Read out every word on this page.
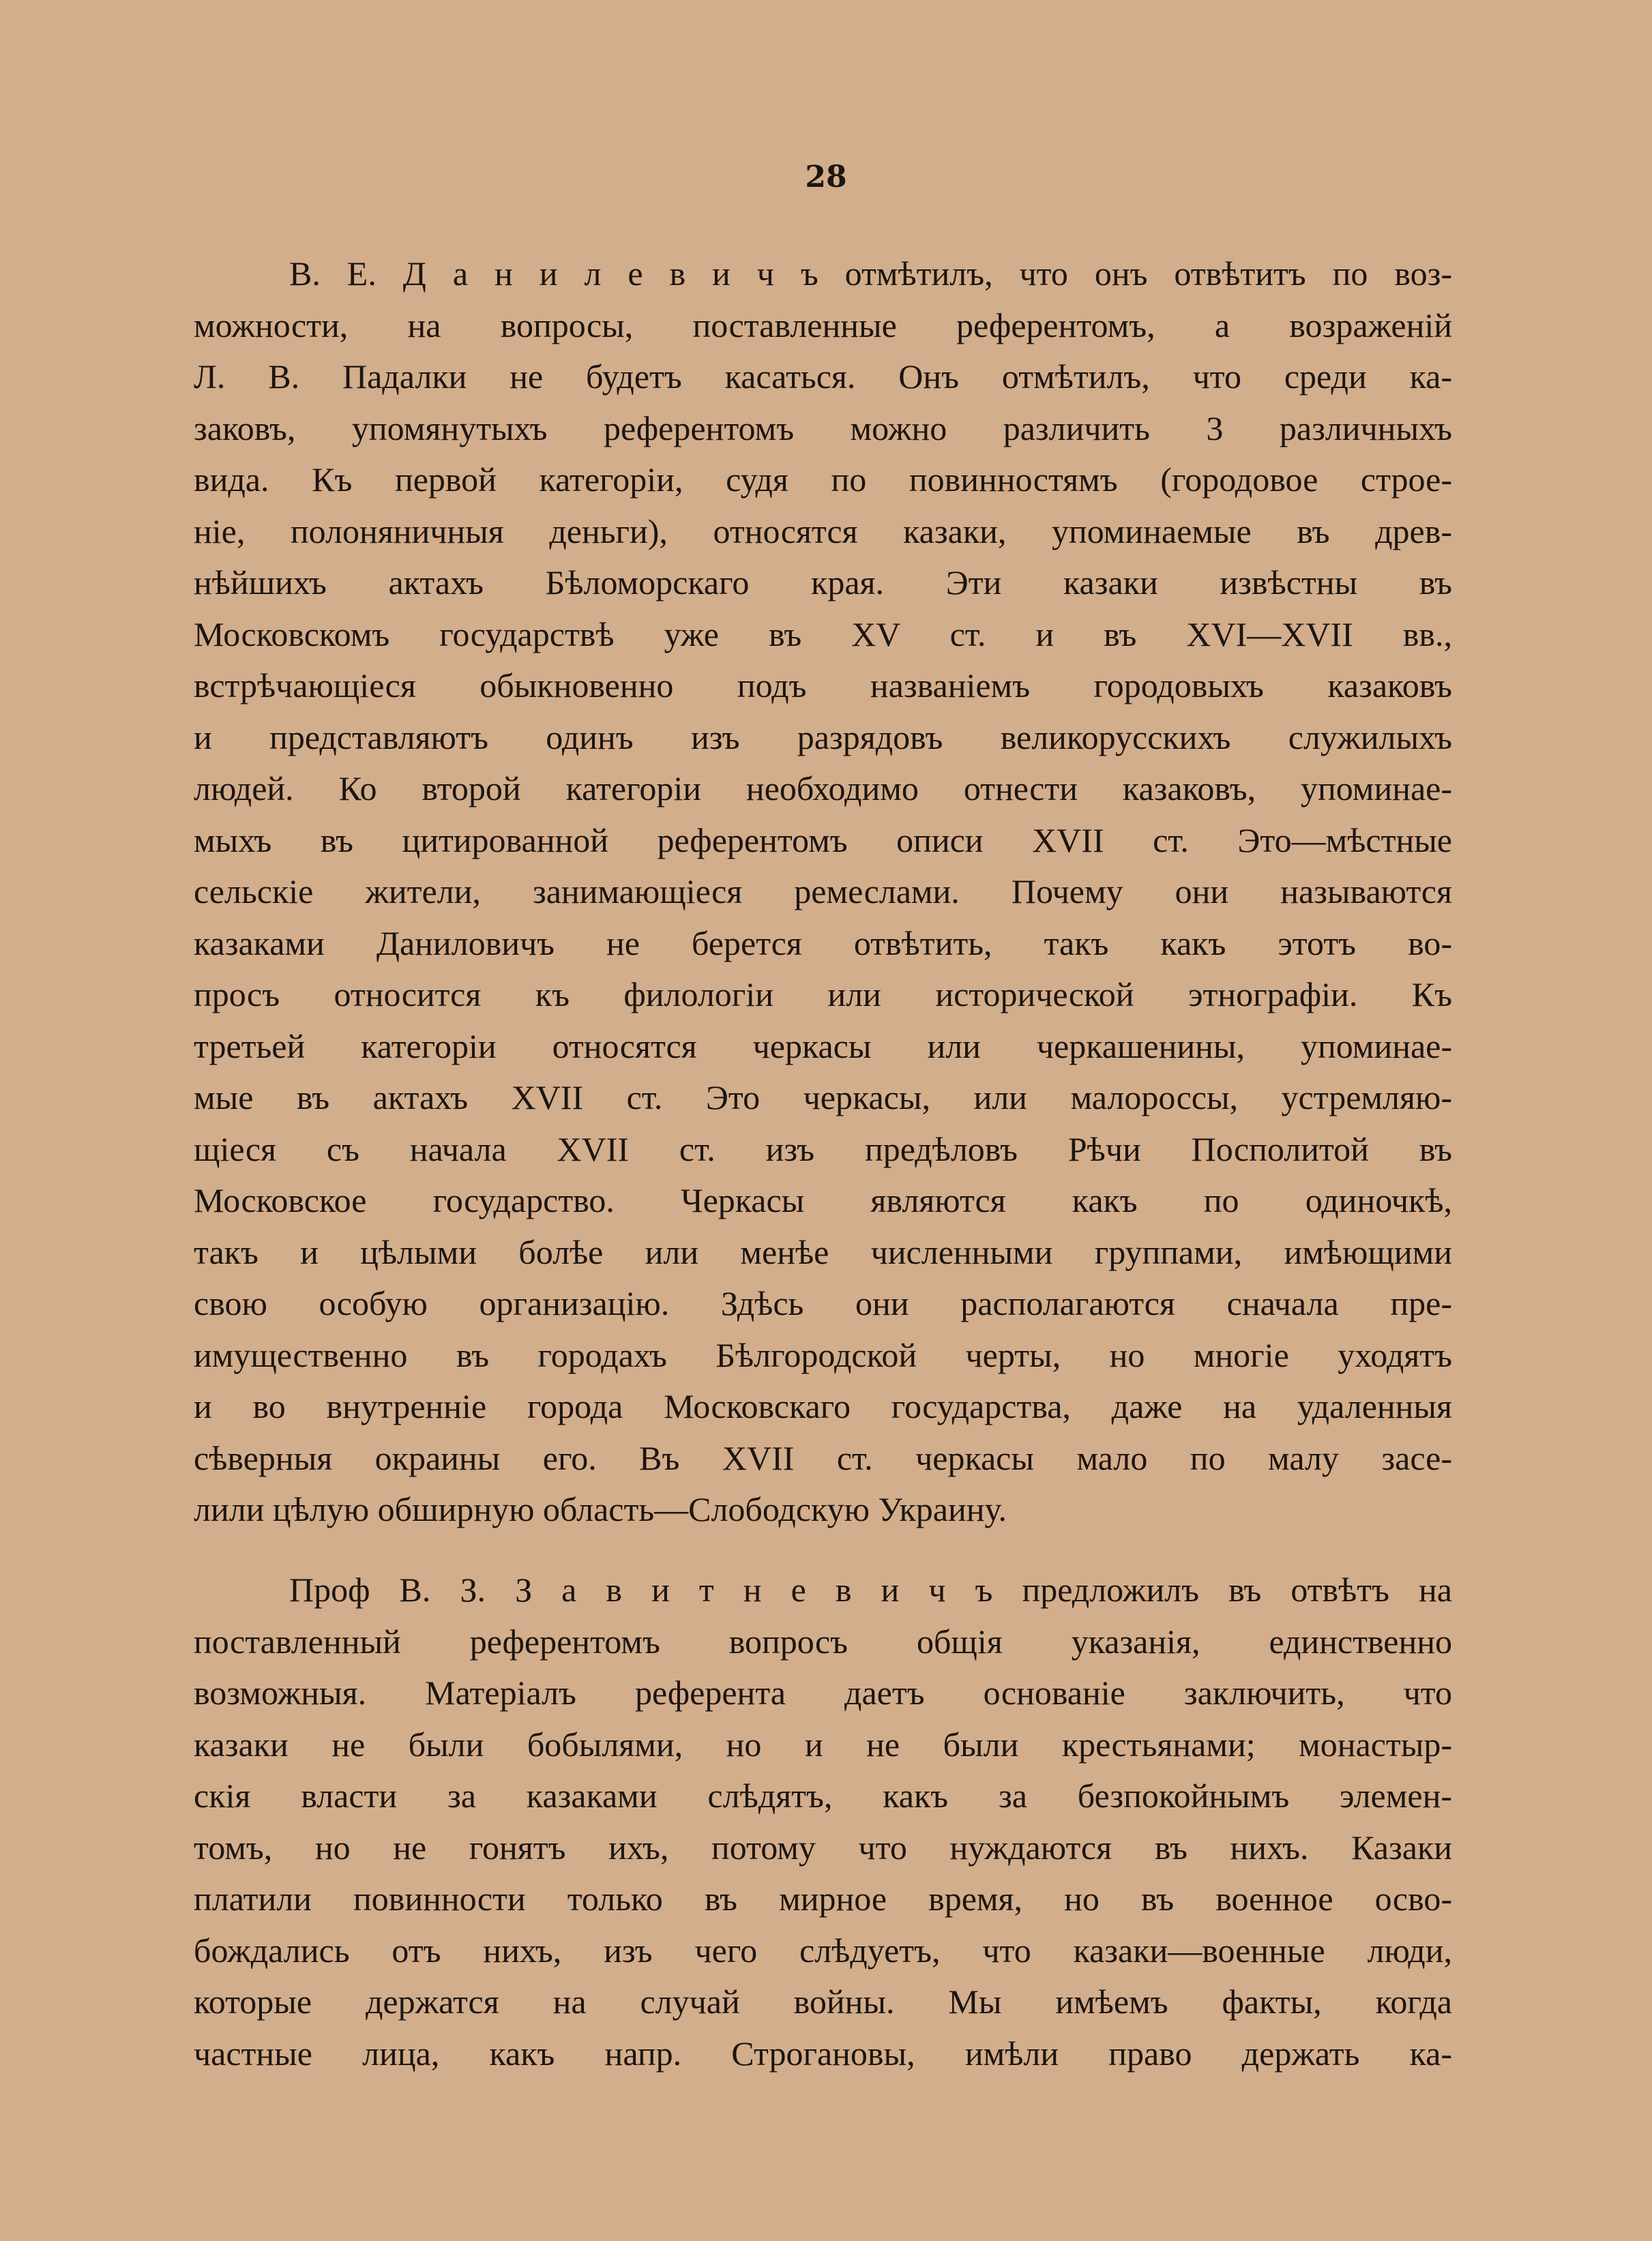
28
В. Е. Д а н и л е в и ч ъ отмѣтилъ, что онъ отвѣтитъ по воз-
можности, на вопросы, поставленные референтомъ, а возраженій
Л. В. Падалки не будетъ касаться. Онъ отмѣтилъ, что среди ка-
заковъ, упомянутыхъ референтомъ можно различить 3 различныхъ
вида. Къ первой категоріи, судя по повинностямъ (городовое строе-
ніе, полоняничныя деньги), относятся казаки, упоминаемые въ древ-
нѣйшихъ актахъ Бѣломорскаго края. Эти казаки извѣстны въ
Московскомъ государствѣ уже въ XV ст. и въ XVI—XVII вв.,
встрѣчающіеся обыкновенно подъ названіемъ городовыхъ казаковъ
и представляютъ одинъ изъ разрядовъ великорусскихъ служилыхъ
людей. Ко второй категоріи необходимо отнести казаковъ, упоминае-
мыхъ въ цитированной референтомъ описи XVII ст. Это—мѣстные
сельскіе жители, занимающіеся ремеслами. Почему они называются
казаками Даниловичъ не берется отвѣтить, такъ какъ этотъ во-
просъ относится къ филологіи или исторической этнографіи. Къ
третьей категоріи относятся черкасы или черкашенины, упоминае-
мые въ актахъ XVII ст. Это черкасы, или малороссы, устремляю-
щіеся съ начала XVII ст. изъ предѣловъ Рѣчи Посполитой въ
Московское государство. Черкасы являются какъ по одиночкѣ,
такъ и цѣлыми болѣе или менѣе численными группами, имѣющими
свою особую организацію. Здѣсь они располагаются сначала пре-
имущественно въ городахъ Бѣлгородской черты, но многіе уходятъ
и во внутренніе города Московскаго государства, даже на удаленныя
сѣверныя окраины его. Въ XVII ст. черкасы мало по малу засе-
лили цѣлую обширную область—Слободскую Украину.
Проф В. З. З а в и т н е в и ч ъ предложилъ въ отвѣтъ на
поставленный референтомъ вопросъ общія указанія, единственно
возможныя. Матеріалъ референта даетъ основаніе заключить, что
казаки не были бобылями, но и не были крестьянами; монастыр-
скія власти за казаками слѣдятъ, какъ за безпокойнымъ элемен-
томъ, но не гонятъ ихъ, потому что нуждаются въ нихъ. Казаки
платили повинности только въ мирное время, но въ военное осво-
бождались отъ нихъ, изъ чего слѣдуетъ, что казаки—военные люди,
которые держатся на случай войны. Мы имѣемъ факты, когда
частные лица, какъ напр. Строгановы, имѣли право держать ка-
